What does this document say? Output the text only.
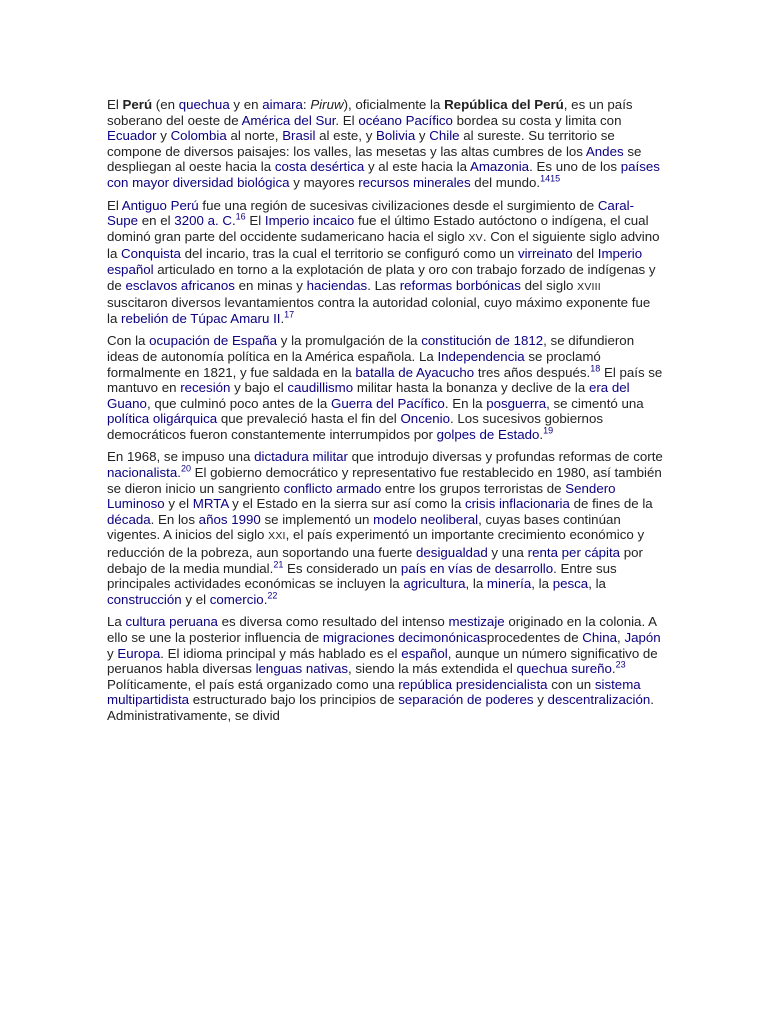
El Perú (en quechua y en aimara: Piruw), oficialmente la República del Perú, es un país soberano del oeste de América del Sur. El océano Pacífico bordea su costa y limita con Ecuador y Colombia al norte, Brasil al este, y Bolivia y Chile al sureste. Su territorio se compone de diversos paisajes: los valles, las mesetas y las altas cumbres de los Andes se despliegan al oeste hacia la costa desértica y al este hacia la Amazonia. Es uno de los países con mayor diversidad biológica y mayores recursos minerales del mundo.$^{1415}$

El Antiguo Perú fue una región de sucesivas civilizaciones desde el surgimiento de Caral-Supe en el 3200 a. C.$^{16}$ El Imperio incaico fue el último Estado autóctono o indígena, el cual dominó gran parte del occidente sudamericano hacia el siglo XV. Con el siguiente siglo advino la Conquista del incario, tras la cual el territorio se configuró como un virreinato del Imperio español articulado en torno a la explotación de plata y oro con trabajo forzado de indígenas y de esclavos africanos en minas y haciendas. Las reformas borbónicas del siglo XVIII suscitaron diversos levantamientos contra la autoridad colonial, cuyo máximo exponente fue la rebelión de Túpac Amaru II.$^{17}$

Con la ocupación de España y la promulgación de la constitución de 1812, se difundieron ideas de autonomía política en la América española. La Independencia se proclamó formalmente en 1821, y fue saldada en la batalla de Ayacucho tres años después.$^{18}$ El país se mantuvo en recesión y bajo el caudillismo militar hasta la bonanza y declive de la era del Guano, que culminó poco antes de la Guerra del Pacífico. En la posguerra, se cimentó una política oligárquica que prevaleció hasta el fin del Oncenio. Los sucesivos gobiernos democráticos fueron constantemente interrumpidos por golpes de Estado.$^{19}$

En 1968, se impuso una dictadura militar que introdujo diversas y profundas reformas de corte nacionalista.$^{20}$ El gobierno democrático y representativo fue restablecido en 1980, así también se dieron inicio un sangriento conflicto armado entre los grupos terroristas de Sendero Luminoso y el MRTA y el Estado en la sierra sur así como la crisis inflacionaria de fines de la década. En los años 1990 se implementó un modelo neoliberal, cuyas bases continúan vigentes. A inicios del siglo XXI, el país experimentó un importante crecimiento económico y reducción de la pobreza, aun soportando una fuerte desigualdad y una renta per cápita por debajo de la media mundial.$^{21}$ Es considerado un país en vías de desarrollo. Entre sus principales actividades económicas se incluyen la agricultura, la minería, la pesca, la construcción y el comercio.$^{22}$

La cultura peruana es diversa como resultado del intenso mestizaje originado en la colonia. A ello se une la posterior influencia de migraciones decimonónicasprocedentes de China, Japón y Europa. El idioma principal y más hablado es el español, aunque un número significativo de peruanos habla diversas lenguas nativas, siendo la más extendida el quechua sureño.$^{23}$ Políticamente, el país está organizado como una república presidencialista con un sistema multipartidista estructurado bajo los principios de separación de poderes y descentralización. Administrativamente, se divid
